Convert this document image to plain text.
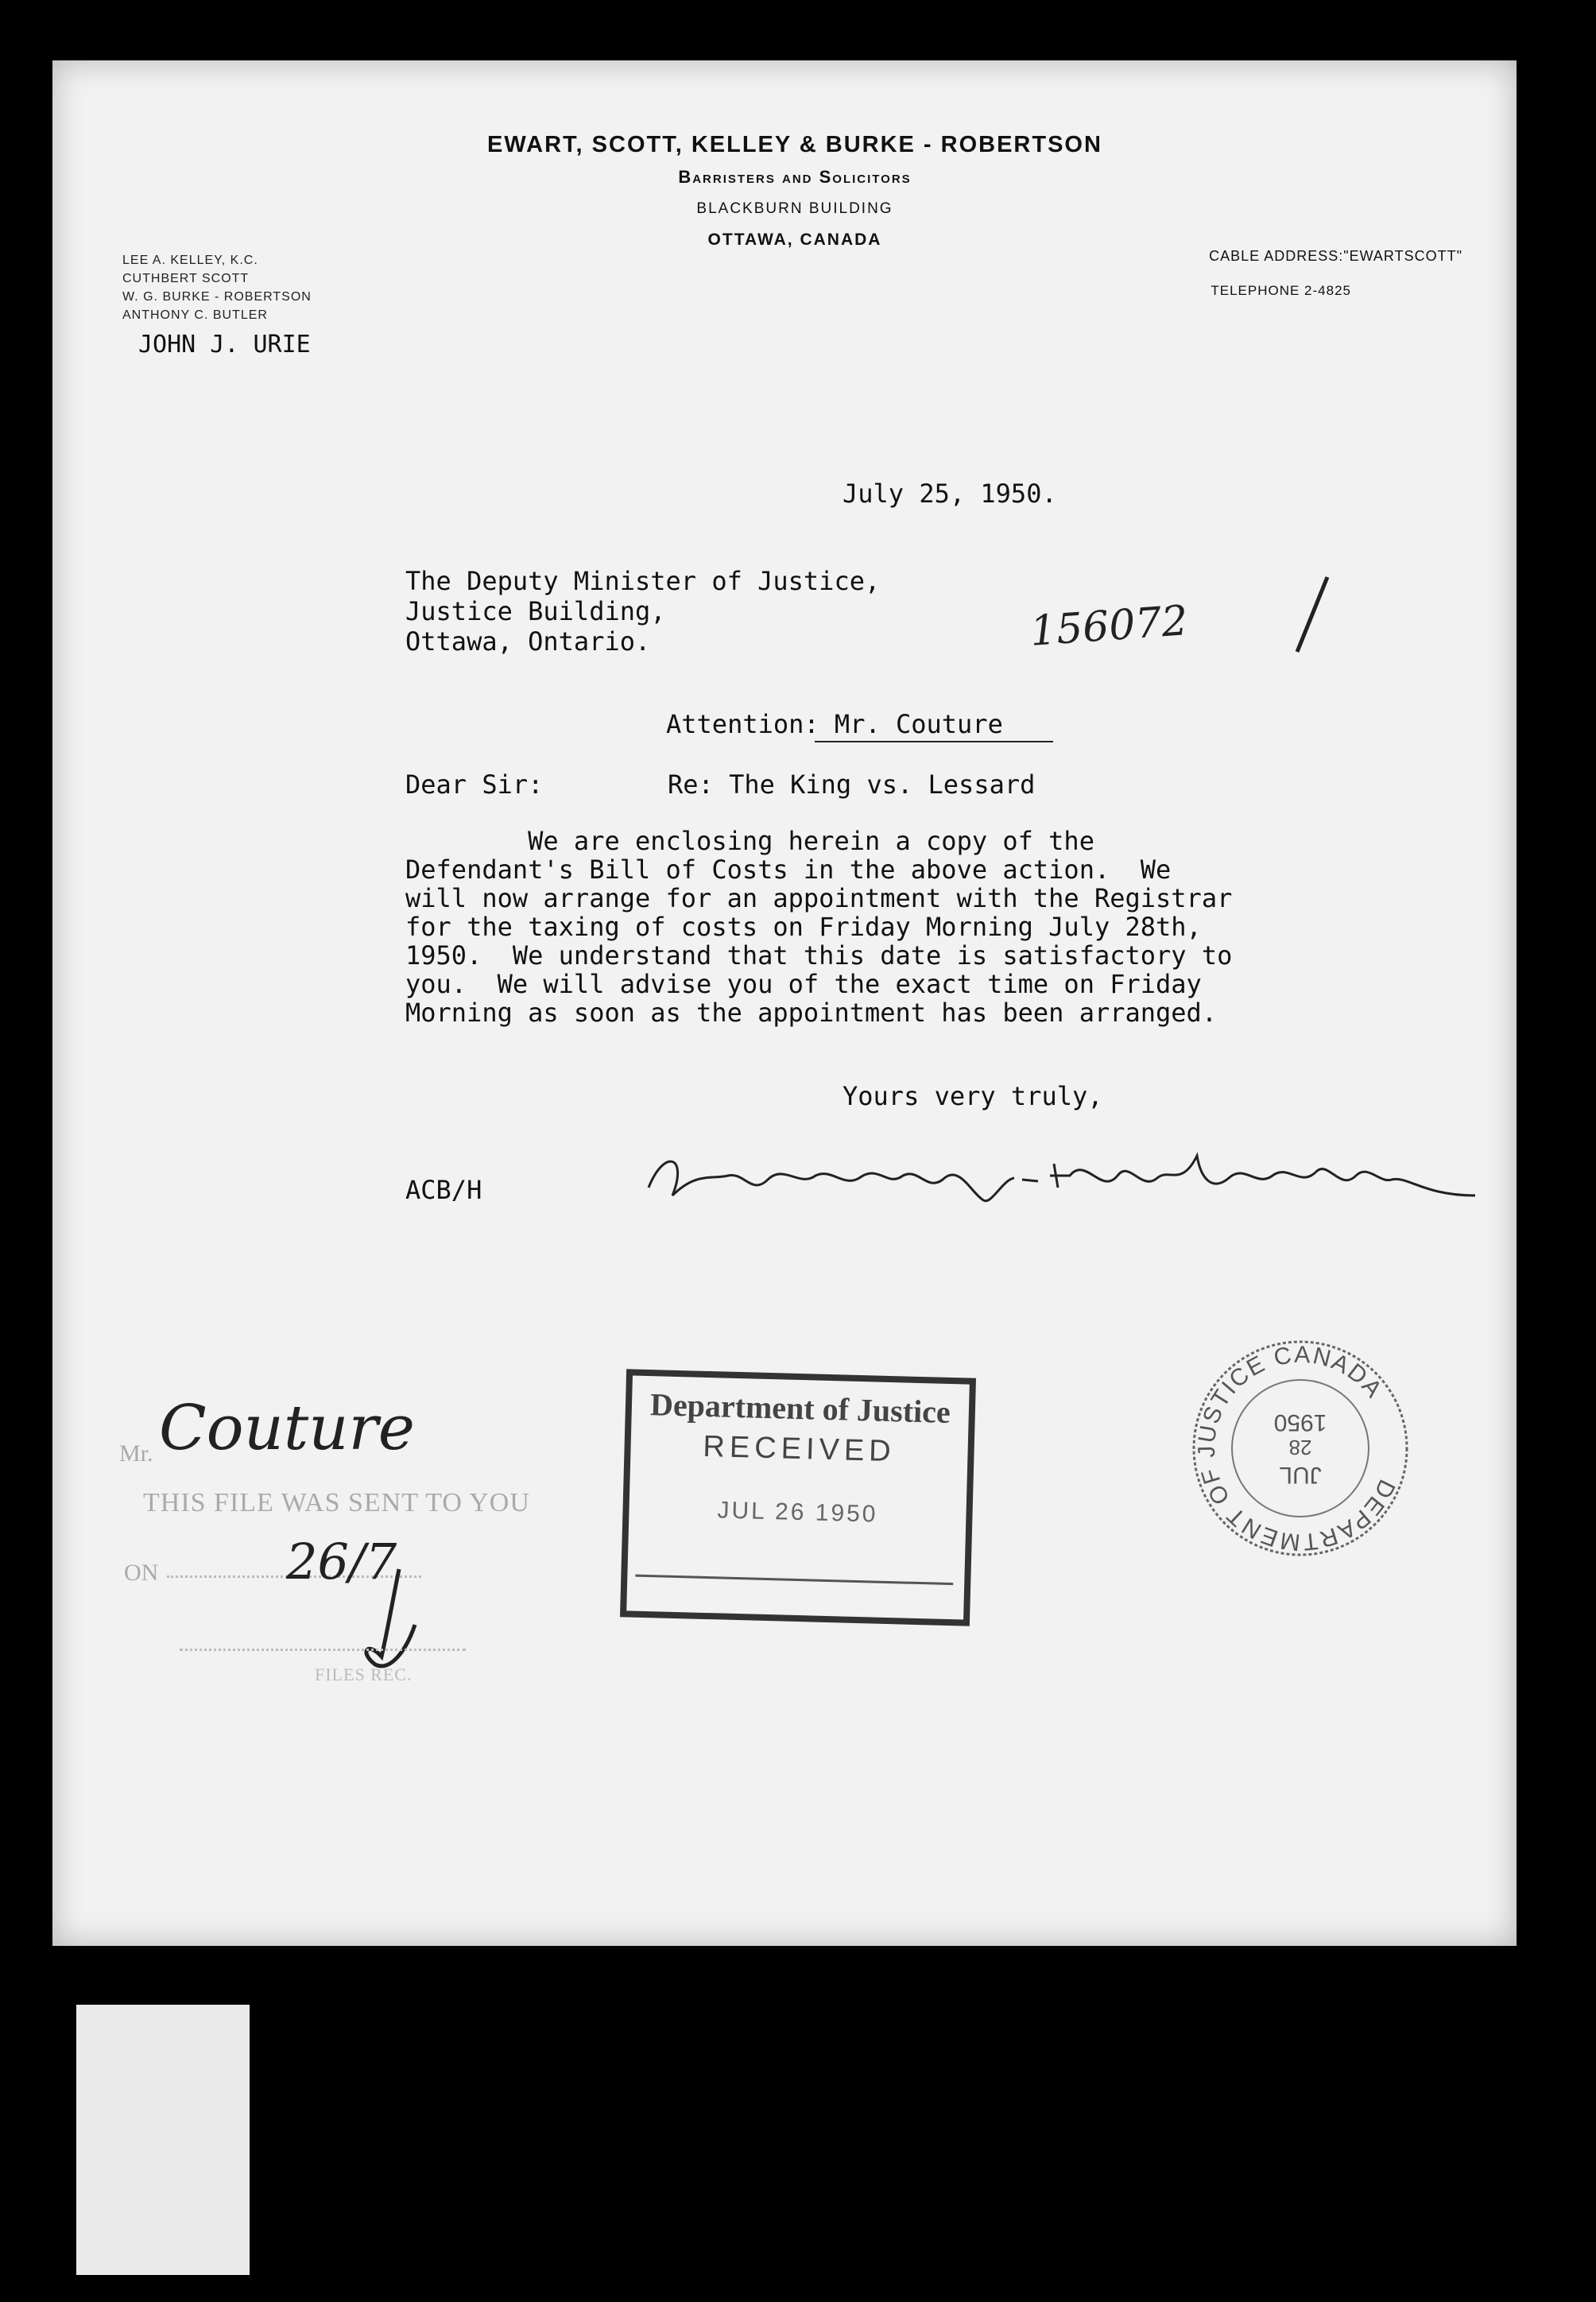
EWART, SCOTT, KELLEY & BURKE - ROBERTSON
Barristers and Solicitors
BLACKBURN BUILDING
OTTAWA, CANADA
LEE A. KELLEY, K.C.
CUTHBERT SCOTT
W. G. BURKE - ROBERTSON
ANTHONY C. BUTLER
JOHN J. URIE
CABLE ADDRESS:"EWARTSCOTT"
TELEPHONE 2-4825
July 25, 1950.
The Deputy Minister of Justice,
Justice Building,
Ottawa, Ontario.	156072
Attention: Mr. Couture
Dear Sir:	Re: The King vs. Lessard
We are enclosing herein a copy of the
Defendant's Bill of Costs in the above action.  We
will now arrange for an appointment with the Registrar
for the taxing of costs on Friday Morning July 28th,
1950.  We understand that this date is satisfactory to
you.  We will advise you of the exact time on Friday
Morning as soon as the appointment has been arranged.
Yours very truly,
ACB/H
Mr. Couture
THIS FILE WAS SENT TO YOU
ON	26/7
FILES REC.
Department of Justice
RECEIVED
JUL 26 1950
DEPARTMENT OF JUSTICE CANADA
JUL
28
1950
